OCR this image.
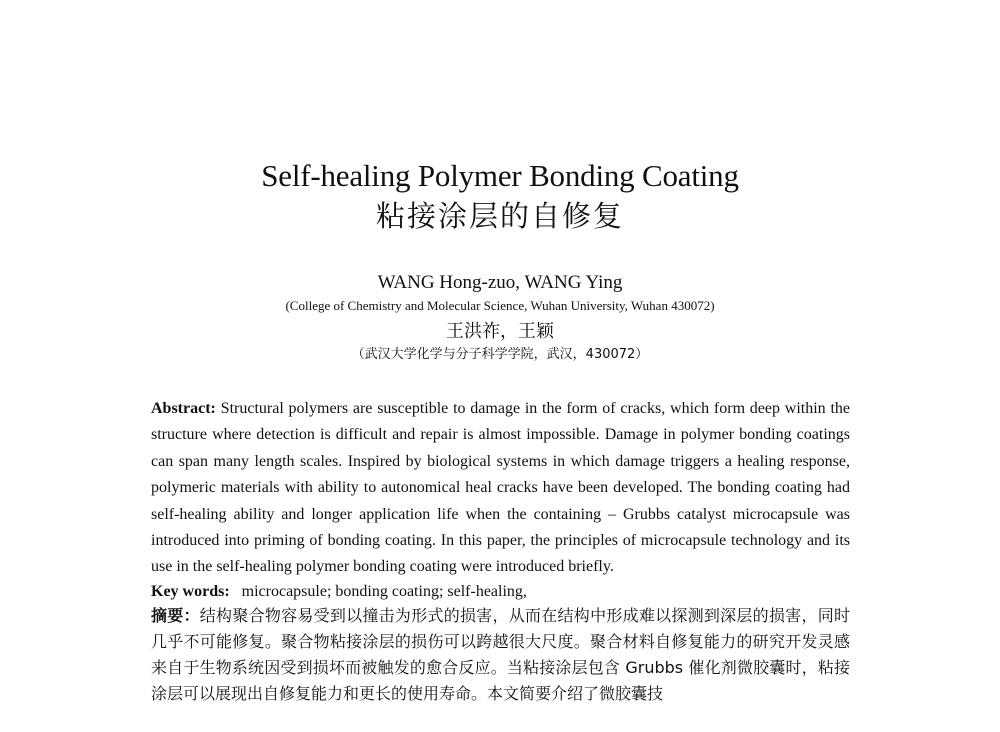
Self-healing Polymer Bonding Coating
粘接涂层的自修复
WANG Hong-zuo, WANG Ying
(College of Chemistry and Molecular Science, Wuhan University, Wuhan 430072)
王洪祚，王颖
（武汉大学化学与分子科学学院，武汉，430072）

Abstract: Structural polymers are susceptible to damage in the form of cracks, which form deep within the structure where detection is difficult and repair is almost impossible. Damage in polymer bonding coatings can span many length scales. Inspired by biological systems in which damage triggers a healing response, polymeric materials with ability to autonomical heal cracks have been developed. The bonding coating had self-healing ability and longer application life when the containing – Grubbs catalyst microcapsule was introduced into priming of bonding coating. In this paper, the principles of microcapsule technology and its use in the self-healing polymer bonding coating were introduced briefly.

Key words: microcapsule; bonding coating; self-healing,

摘要：结构聚合物容易受到以撞击为形式的损害，从而在结构中形成难以探测到深层的损害，同时几乎不可能修复。聚合物粘接涂层的损伤可以跨越很大尺度。聚合材料自修复能力的研究开发灵感来自于生物系统因受到损坏而被触发的愈合反应。当粘接涂层包含 Grubbs 催化剂微胶囊时，粘接涂层可以展现出自修复能力和更长的使用寿命。本文简要介绍了微胶囊技
